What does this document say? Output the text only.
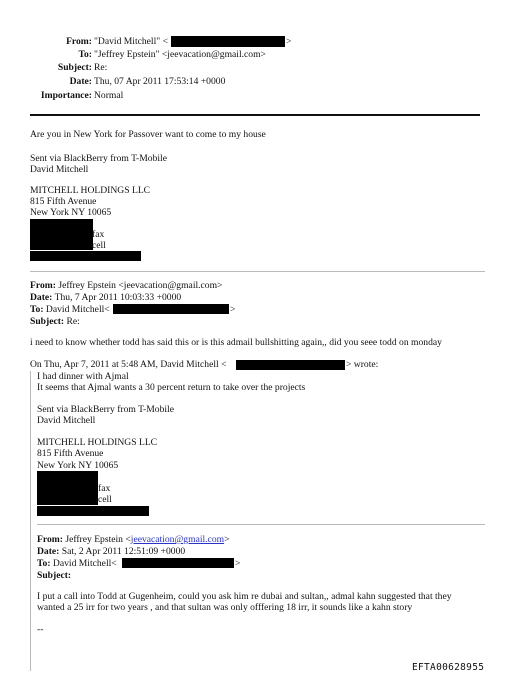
From: "David Mitchell" <	>
To: "Jeffrey Epstein" <jeevacation@gmail.com>
Subject: Re:
Date: Thu, 07 Apr 2011 17:53:14 +0000
Importance: Normal
Are you in New York for Passover want to come to my house
Sent via BlackBerry from T-Mobile
David Mitchell
MITCHELL HOLDINGS LLC
815 Fifth Avenue
New York NY 10065
fax
cell
From: Jeffrey Epstein <jeevacation@gmail.com>
Date: Thu, 7 Apr 2011 10:03:33 +0000
To: David Mitchell<	>
Subject: Re:
i need to know whether todd has said this or is this admail bullshitting again,, did you seee todd on monday
On Thu, Apr 7, 2011 at 5:48 AM, David Mitchell <	> wrote:
I had dinner with Ajmal
It seems that Ajmal wants a 30 percent return to take over the projects
Sent via BlackBerry from T-Mobile
David Mitchell
MITCHELL HOLDINGS LLC
815 Fifth Avenue
New York NY 10065
fax
cell
From: Jeffrey Epstein <jeevacation@gmail.com>
Date: Sat, 2 Apr 2011 12:51:09 +0000
To: David Mitchell<	>
Subject:
I put a call into Todd at Gugenheim, could you ask him re dubai and sultan,, admal kahn suggested that they
wanted a 25 irr for two years , and that sultan was only offfering 18 irr, it sounds like a kahn story
--
EFTA00628955
